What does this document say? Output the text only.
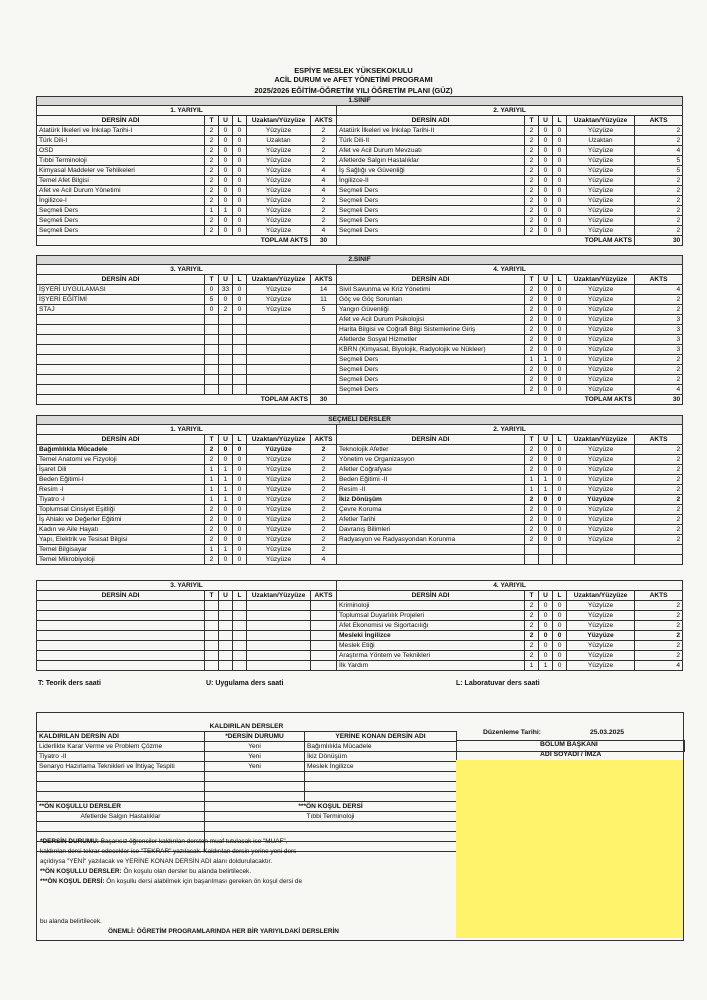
ESPİYE MESLEK YÜKSEKOKULU
ACİL DURUM ve AFET YÖNETİMİ PROGRAMI
2025/2026 EĞİTİM-ÖĞRETİM YILI ÖĞRETİM PLANI (GÜZ)
1.SINIF											
1. YARIYIL						2. YARIYIL					
DERSİN ADI	T	U	L	Uzaktan/Yüzyüze	AKTS	DERSİN ADI	T	U	L	Uzaktan/Yüzyüze	AKTS
Atatürk İlkeleri ve İnkılap Tarihi-I	2	0	0	Yüzyüze	2	Atatürk İlkeleri ve İnkılap Tarihi-II	2	0	0	Yüzyüze	2
Türk Dili-I	2	0	0	Uzaktan	2	Türk Dili-II	2	0	0	Uzaktan	2
OSD	2	0	0	Yüzyüze	2	Afet ve Acil Durum Mevzuatı	2	0	0	Yüzyüze	4
Tıbbi Terminoloji	2	0	0	Yüzyüze	2	Afetlerde Salgın Hastalıklar	2	0	0	Yüzyüze	5
Kimyasal Maddeler ve Tehlikeleri	2	0	0	Yüzyüze	4	İş Sağlığı ve Güvenliği	2	0	0	Yüzyüze	5
Temel Afet Bilgisi	2	0	0	Yüzyüze	4	İngilizce-II	2	0	0	Yüzyüze	2
Afet ve Acil Durum Yönetimi	2	0	0	Yüzyüze	4	Seçmeli Ders	2	0	0	Yüzyüze	2
İngilizce-I	2	0	0	Yüzyüze	2	Seçmeli Ders	2	0	0	Yüzyüze	2
Seçmeli Ders	1	1	0	Yüzyüze	2	Seçmeli Ders	2	0	0	Yüzyüze	2
Seçmeli Ders	2	0	0	Yüzyüze	2	Seçmeli Ders	2	0	0	Yüzyüze	2
Seçmeli Ders	2	0	0	Yüzyüze	4	Seçmeli Ders	2	0	0	Yüzyüze	2
TOPLAM AKTS					30	TOPLAM AKTS					30
2.SINIF											
3. YARIYIL						4. YARIYIL					
DERSİN ADI	T	U	L	Uzaktan/Yüzyüze	AKTS	DERSİN ADI	T	U	L	Uzaktan/Yüzyüze	AKTS
İŞYERİ UYGULAMASI	0	33	0	Yüzyüze	14	Sivil Savunma ve Kriz Yönetimi	2	0	0	Yüzyüze	4
İŞYERİ EĞİTİMİ	5	0	0	Yüzyüze	11	Göç ve Göç Sorunları	2	0	0	Yüzyüze	2
STAJ	0	2	0	Yüzyüze	5	Yangın Güvenliği	2	0	0	Yüzyüze	2
						Afet ve Acil Durum Psikolojisi	2	0	0	Yüzyüze	3
						Harita Bilgisi ve Coğrafi Bilgi Sistemlerine Giriş	2	0	0	Yüzyüze	3
						Afetlerde Sosyal Hizmetler	2	0	0	Yüzyüze	3
						KBRN (Kimyasal, Biyolojik, Radyolojik ve Nükleer)	2	0	0	Yüzyüze	3
						Seçmeli Ders	1	1	0	Yüzyüze	2
						Seçmeli Ders	2	0	0	Yüzyüze	2
						Seçmeli Ders	2	0	0	Yüzyüze	2
						Seçmeli Ders	2	0	0	Yüzyüze	4
TOPLAM AKTS					30	TOPLAM AKTS					30
SEÇMELİ DERSLER											
1. YARIYIL						2. YARIYIL					
DERSİN ADI	T	U	L	Uzaktan/Yüzyüze	AKTS	DERSİN ADI	T	U	L	Uzaktan/Yüzyüze	AKTS
Bağımlılıkla Mücadele	2	0	0	Yüzyüze	2	Teknolojik Afetler	2	0	0	Yüzyüze	2
Temel Anatomi ve Fizyoloji	2	0	0	Yüzyüze	2	Yönetim ve Organizasyon	2	0	0	Yüzyüze	2
İşaret Dili	1	1	0	Yüzyüze	2	Afetler Coğrafyası	2	0	0	Yüzyüze	2
Beden Eğitimi-I	1	1	0	Yüzyüze	2	Beden Eğitimi -II	1	1	0	Yüzyüze	2
Resim -I	1	1	0	Yüzyüze	2	Resim -II	1	1	0	Yüzyüze	2
Tiyatro -I	1	1	0	Yüzyüze	2	İkiz Dönüşüm	2	0	0	Yüzyüze	2
Toplumsal Cinsiyet Eşitliği	2	0	0	Yüzyüze	2	Çevre Koruma	2	0	0	Yüzyüze	2
İş Ahlakı ve Değerler Eğitimi	2	0	0	Yüzyüze	2	Afetler Tarihi	2	0	0	Yüzyüze	2
Kadın ve Aile Hayatı	2	0	0	Yüzyüze	2	Davranış Bilimleri	2	0	0	Yüzyüze	2
Yapı, Elektrik ve Tesisat Bilgisi	2	0	0	Yüzyüze	2	Radyasyon ve Radyasyondan Korunma	2	0	0	Yüzyüze	2
Temel Bilgisayar	1	1	0	Yüzyüze	2						
Temel Mikrobiyoloji	2	0	0	Yüzyüze	4						
3. YARIYIL						4. YARIYIL					
DERSİN ADI	T	U	L	Uzaktan/Yüzyüze	AKTS	DERSİN ADI	T	U	L	Uzaktan/Yüzyüze	AKTS
						Kriminoloji	2	0	0	Yüzyüze	2
						Toplumsal Duyarlılık Projeleri	2	0	0	Yüzyüze	2
						Afet Ekonomisi ve Sigortacılığı	2	0	0	Yüzyüze	2
						Mesleki İngilizce	2	0	0	Yüzyüze	2
						Meslek Etiği	2	0	0	Yüzyüze	2
						Araştırma Yöntem ve Teknikleri	2	0	0	Yüzyüze	2
						İlk Yardım	1	1	0	Yüzyüze	4
T: Teorik ders saati	U: Uygulama ders saati	L: Laboratuvar ders saati
KALDIRILAN DERSLER		
KALDIRILAN DERSİN ADI	*DERSİN DURUMU	YERİNE KONAN DERSİN ADI
Liderlikte Karar Verme ve Problem Çözme	Yeni	Bağımlılıkla Mücadele
Tiyatro -II	Yeni	İkiz Dönüşüm
Senaryo Hazırlama Teknikleri ve İhtiyaç Tespiti	Yeni	Meslek İngilizce

**ÖN KOŞULLU DERSLER	***ÖN KOŞUL DERSİ	
Afetlerde Salgın Hastalıklar	Tıbbi Terminoloji	

Düzenleme Tarihi:	25.03.2025
BÖLÜM BAŞKANI
ADI SOYADI / İMZA
*DERSİN DURUMU: Başarısız öğrenciler kaldırılan dersten muaf tutulacak ise "MUAF",
kaldırılan dersi tekrar edecekler ise "TEKRAR" yazılacak. Kaldırılan dersin yerine yeni ders
açıldıysa "YENİ" yazılacak ve YERİNE KONAN DERSİN ADI alanı doldurulacaktır.
**ÖN KOŞULLU DERSLER: Ön koşulu olan dersler bu alanda belirtilecek.
***ÖN KOŞUL DERSİ: Ön koşullu dersi alabilmek için başarılması gereken ön koşul dersi de
bu alanda belirtilecek.
ÖNEMLİ: ÖĞRETİM PROGRAMLARINDA HER BİR YARIYILDAKİ DERSLERİN
